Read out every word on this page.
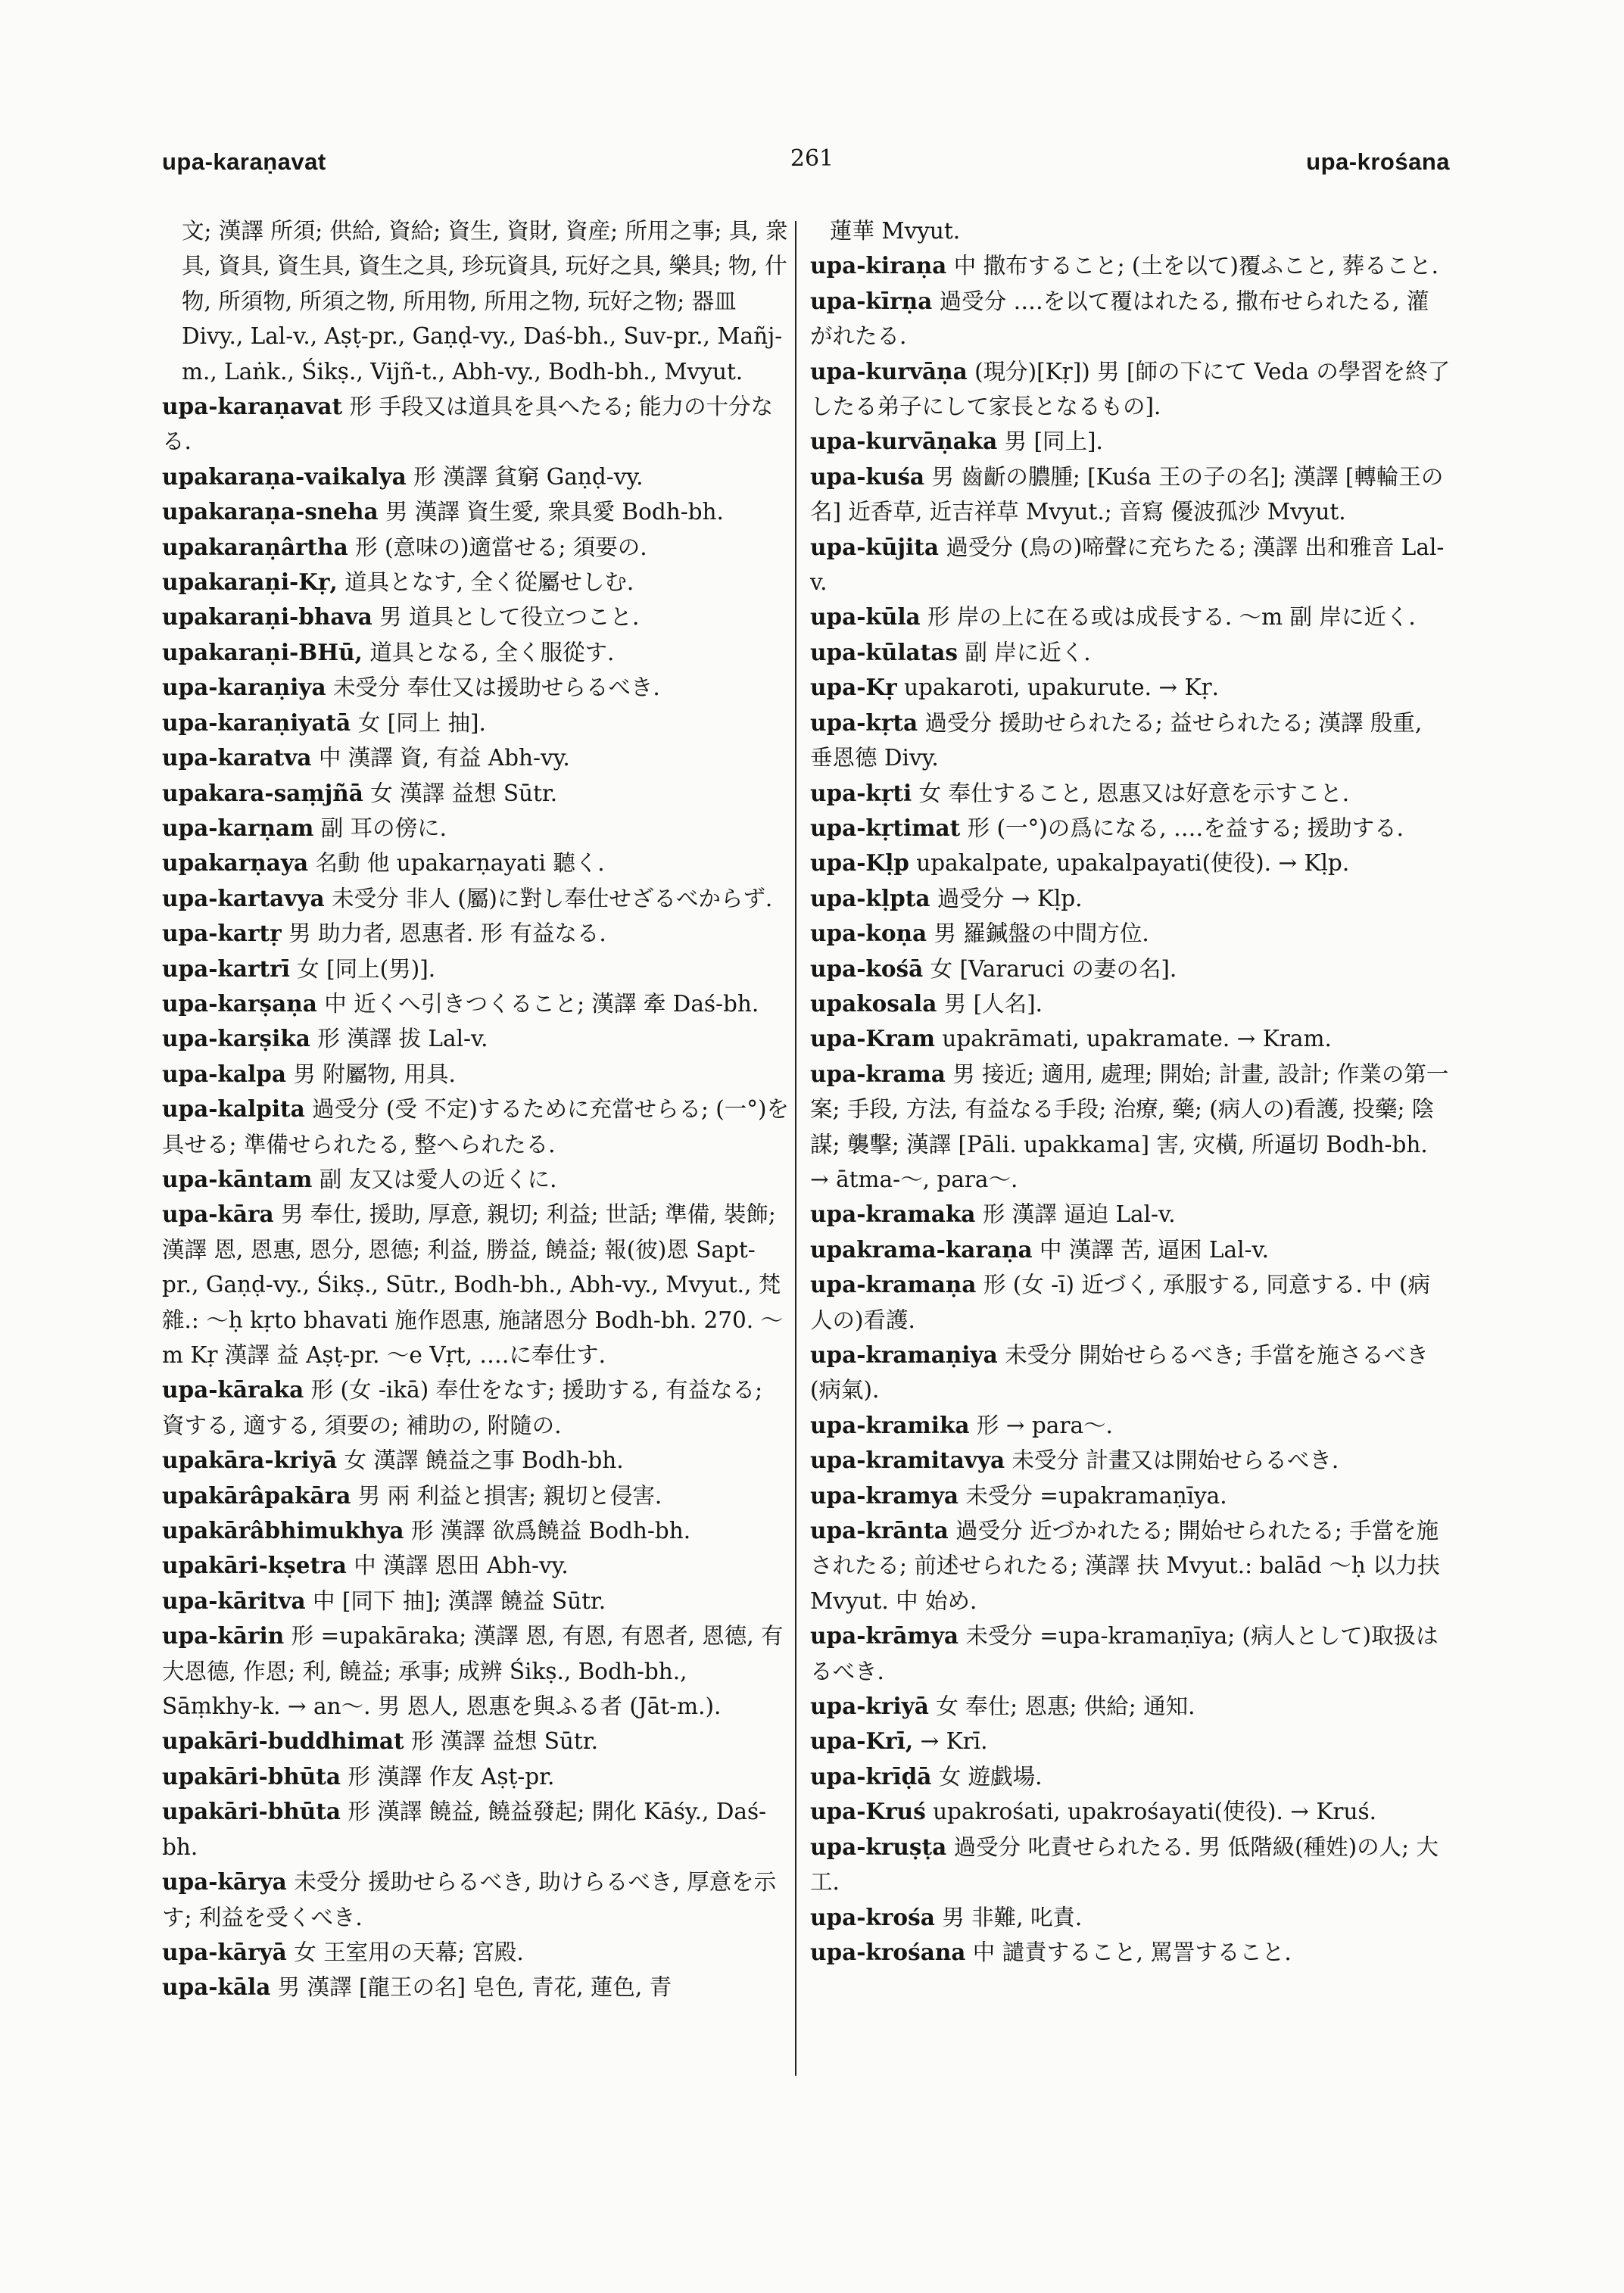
upa-karaṇavat	261	upa-krośana

文; 漢譯 所須; 供給, 資給; 資生, 資財, 資産; 所用之事; 具, 衆具, 資具, 資生具, 資生之具, 珍玩資具, 玩好之具, 樂具; 物, 什物, 所須物, 所須之物, 所用物, 所用之物, 玩好之物; 器皿 Divy., Lal-v., Aṣṭ-pr., Gaṇḍ-vy., Daś-bh., Suv-pr., Mañj-m., Laṅk., Śikṣ., Vijñ-t., Abh-vy., Bodh-bh., Mvyut.

upa-karaṇavat 形 手段又は道具を具へたる; 能力の十分なる.

upakaraṇa-vaikalya 形 漢譯 貧窮 Gaṇḍ-vy.

upakaraṇa-sneha 男 漢譯 資生愛, 衆具愛 Bodh-bh.

upakaraṇârtha 形 (意味の)適當せる; 須要の.

upakaraṇi-Kṛ, 道具となす, 全く從屬せしむ.

upakaraṇi-bhava 男 道具として役立つこと.

upakaraṇi-BHū, 道具となる, 全く服從す.

upa-karaṇiya 未受分 奉仕又は援助せらるべき.

upa-karaṇiyatā 女 [同上 抽].

upa-karatva 中 漢譯 資, 有益 Abh-vy.

upakara-saṃjñā 女 漢譯 益想 Sūtr.

upa-karṇam 副 耳の傍に.

upakarṇaya 名動 他 upakarṇayati 聽く.

upa-kartavya 未受分 非人 (屬)に對し奉仕せざるべからず.

upa-kartṛ 男 助力者, 恩惠者. 形 有益なる.

upa-kartrī 女 [同上(男)].

upa-karṣaṇa 中 近くへ引きつくること; 漢譯 牽 Daś-bh.

upa-karṣika 形 漢譯 拔 Lal-v.

upa-kalpa 男 附屬物, 用具.

upa-kalpita 過受分 (受 不定)するために充當せらる; (一°)を具せる; 準備せられたる, 整へられたる.

upa-kāntam 副 友又は愛人の近くに.

upa-kāra 男 奉仕, 援助, 厚意, 親切; 利益; 世話; 準備, 裝飾; 漢譯 恩, 恩惠, 恩分, 恩德; 利益, 勝益, 饒益; 報(彼)恩 Sapt-pr., Gaṇḍ-vy., Śikṣ., Sūtr., Bodh-bh., Abh-vy., Mvyut., 梵雜.: ～ḥ kṛto bhavati 施作恩惠, 施諸恩分 Bodh-bh. 270. ～m Kṛ 漢譯 益 Aṣṭ-pr. ～e Vṛt, ‥‥に奉仕す.

upa-kāraka 形 (女 -ikā) 奉仕をなす; 援助する, 有益なる; 資する, 適する, 須要の; 補助の, 附隨の.

upakāra-kriyā 女 漢譯 饒益之事 Bodh-bh.

upakārâpakāra 男 兩 利益と損害; 親切と侵害.

upakārâbhimukhya 形 漢譯 欲爲饒益 Bodh-bh.

upakāri-kṣetra 中 漢譯 恩田 Abh-vy.

upa-kāritva 中 [同下 抽]; 漢譯 饒益 Sūtr.

upa-kārin 形 =upakāraka; 漢譯 恩, 有恩, 有恩者, 恩德, 有大恩德, 作恩; 利, 饒益; 承事; 成辨 Śikṣ., Bodh-bh., Sāṃkhy-k. → an～. 男 恩人, 恩惠を與ふる者 (Jāt-m.).

upakāri-buddhimat 形 漢譯 益想 Sūtr.

upakāri-bhūta 形 漢譯 作友 Aṣṭ-pr.

upakāri-bhūta 形 漢譯 饒益, 饒益發起; 開化 Kāśy., Daś-bh.

upa-kārya 未受分 援助せらるべき, 助けらるべき, 厚意を示す; 利益を受くべき.

upa-kāryā 女 王室用の天幕; 宮殿.

upa-kāla 男 漢譯 [龍王の名] 皂色, 青花, 蓮色, 青

蓮華 Mvyut.

upa-kiraṇa 中 撒布すること; (土を以て)覆ふこと, 葬ること.

upa-kīrṇa 過受分 ‥‥を以て覆はれたる, 撒布せられたる, 灌がれたる.

upa-kurvāṇa (現分)[Kṛ]) 男 [師の下にて Veda の學習を終了したる弟子にして家長となるもの].

upa-kurvāṇaka 男 [同上].

upa-kuśa 男 齒齗の膿腫; [Kuśa 王の子の名]; 漢譯 [轉輪王の名] 近香草, 近吉祥草 Mvyut.; 音寫 優波孤沙 Mvyut.

upa-kūjita 過受分 (鳥の)啼聲に充ちたる; 漢譯 出和雅音 Lal-v.

upa-kūla 形 岸の上に在る或は成長する. ～m 副 岸に近く.

upa-kūlatas 副 岸に近く.

upa-Kṛ upakaroti, upakurute. → Kṛ.

upa-kṛta 過受分 援助せられたる; 益せられたる; 漢譯 殷重, 垂恩德 Divy.

upa-kṛti 女 奉仕すること, 恩惠又は好意を示すこと.

upa-kṛtimat 形 (一°)の爲になる, ‥‥を益する; 援助する.

upa-Kḷp upakalpate, upakalpayati(使役). → Kḷp.

upa-kḷpta 過受分 → Kḷp.

upa-koṇa 男 羅鍼盤の中間方位.

upa-kośā 女 [Vararuci の妻の名].

upakosala 男 [人名].

upa-Kram upakrāmati, upakramate. → Kram.

upa-krama 男 接近; 適用, 處理; 開始; 計畫, 設計; 作業の第一案; 手段, 方法, 有益なる手段; 治療, 藥; (病人の)看護, 投藥; 陰謀; 襲擊; 漢譯 [Pāli. upakkama] 害, 灾橫, 所逼切 Bodh-bh. → ātma-～, para～.

upa-kramaka 形 漢譯 逼迫 Lal-v.

upakrama-karaṇa 中 漢譯 苦, 逼困 Lal-v.

upa-kramaṇa 形 (女 -ī) 近づく, 承服する, 同意する. 中 (病人の)看護.

upa-kramaṇiya 未受分 開始せらるべき; 手當を施さるべき(病氣).

upa-kramika 形 → para～.

upa-kramitavya 未受分 計畫又は開始せらるべき.

upa-kramya 未受分 =upakramaṇīya.

upa-krānta 過受分 近づかれたる; 開始せられたる; 手當を施されたる; 前述せられたる; 漢譯 扶 Mvyut.: balād ～ḥ 以力扶 Mvyut. 中 始め.

upa-krāmya 未受分 =upa-kramaṇīya; (病人として)取扱はるべき.

upa-kriyā 女 奉仕; 恩惠; 供給; 通知.

upa-Krī, → Krī.

upa-krīḍā 女 遊戯場.

upa-Kruś upakrośati, upakrośayati(使役). → Kruś.

upa-kruṣṭa 過受分 叱責せられたる. 男 低階級(種姓)の人; 大工.

upa-krośa 男 非難, 叱責.

upa-krośana 中 譴責すること, 罵詈すること.
